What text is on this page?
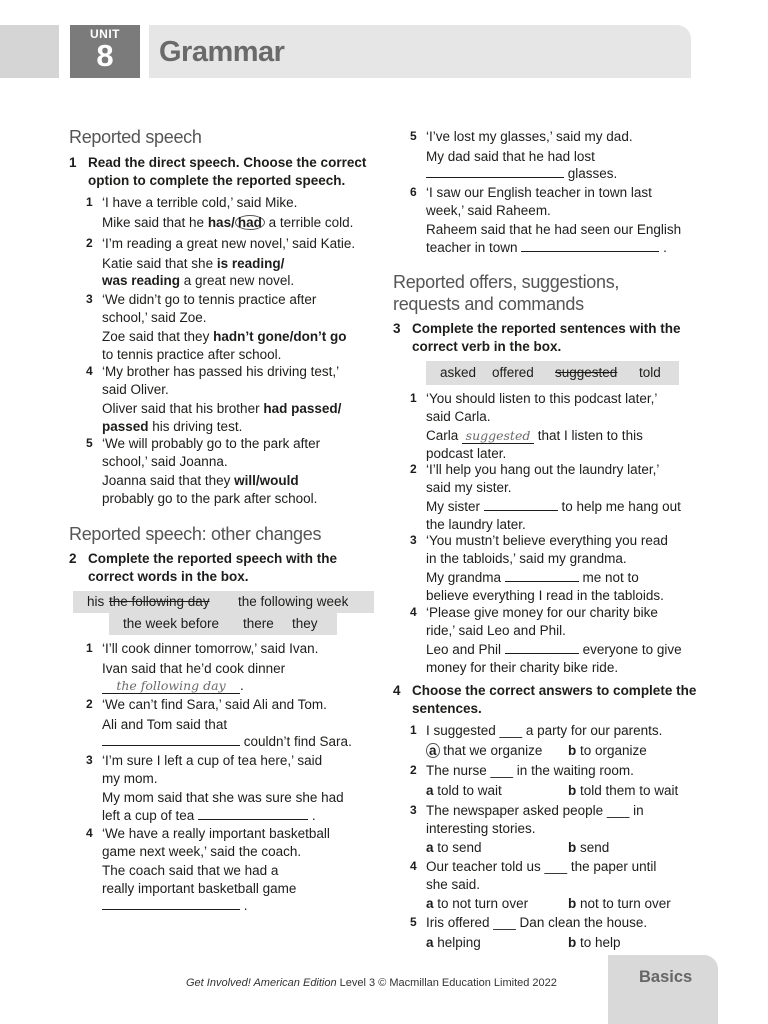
UNIT
8	Grammar
Reported speech
1 Read the direct speech. Choose the correct option to complete the reported speech.
1 ‘I have a terrible cold,’ said Mike.
Mike said that he has/ had a terrible cold.
2 ‘I’m reading a great new novel,’ said Katie.
Katie said that she is reading/
was reading a great new novel.
3 ‘We didn’t go to tennis practice after
school,’ said Zoe.
Zoe said that they hadn’t gone/don’t go
to tennis practice after school.
4 ‘My brother has passed his driving test,’
said Oliver.
Oliver said that his brother had passed/
passed his driving test.
5 ‘We will probably go to the park after
school,’ said Joanna.
Joanna said that they will/would
probably go to the park after school.
Reported speech: other changes
2 Complete the reported speech with the correct words in the box.
his the following day the following week
the week before there they
1 ‘I’ll cook dinner tomorrow,’ said Ivan.
Ivan said that he’d cook dinner
the following day .
2 ‘We can’t find Sara,’ said Ali and Tom.
Ali and Tom said that
couldn’t find Sara.
3 ‘I’m sure I left a cup of tea here,’ said
my mom.
My mom said that she was sure she had
left a cup of tea	.
4 ‘We have a really important basketball
game next week,’ said the coach.
The coach said that we had a
really important basketball game
.
5 ‘I’ve lost my glasses,’ said my dad.
My dad said that he had lost
glasses.
6 ‘I saw our English teacher in town last
week,’ said Raheem.
Raheem said that he had seen our English
teacher in town	.
Reported offers, suggestions,
requests and commands
3 Complete the reported sentences with the correct verb in the box.
asked offered suggested told
1 ‘You should listen to this podcast later,’
said Carla.
Carla suggested that I listen to this
podcast later.
2 ‘I’ll help you hang out the laundry later,’
said my sister.
My sister	to help me hang out
the laundry later.
3 ‘You mustn’t believe everything you read
in the tabloids,’ said my grandma.
My grandma	me not to
believe everything I read in the tabloids.
4 ‘Please give money for our charity bike
ride,’ said Leo and Phil.
Leo and Phil	everyone to give
money for their charity bike ride.
4 Choose the correct answers to complete the sentences.
1 I suggested ___ a party for our parents.
a that we organize b to organize
2 The nurse ___ in the waiting room.
a told to wait	b told them to wait
3 The newspaper asked people ___ in
interesting stories.
a to send	b send
4 Our teacher told us ___ the paper until
she said.
a to not turn over	b not to turn over
5 Iris offered ___ Dan clean the house.
a helping	b to help
Get Involved! American Edition Level 3 © Macmillan Education Limited 2022	Basics
